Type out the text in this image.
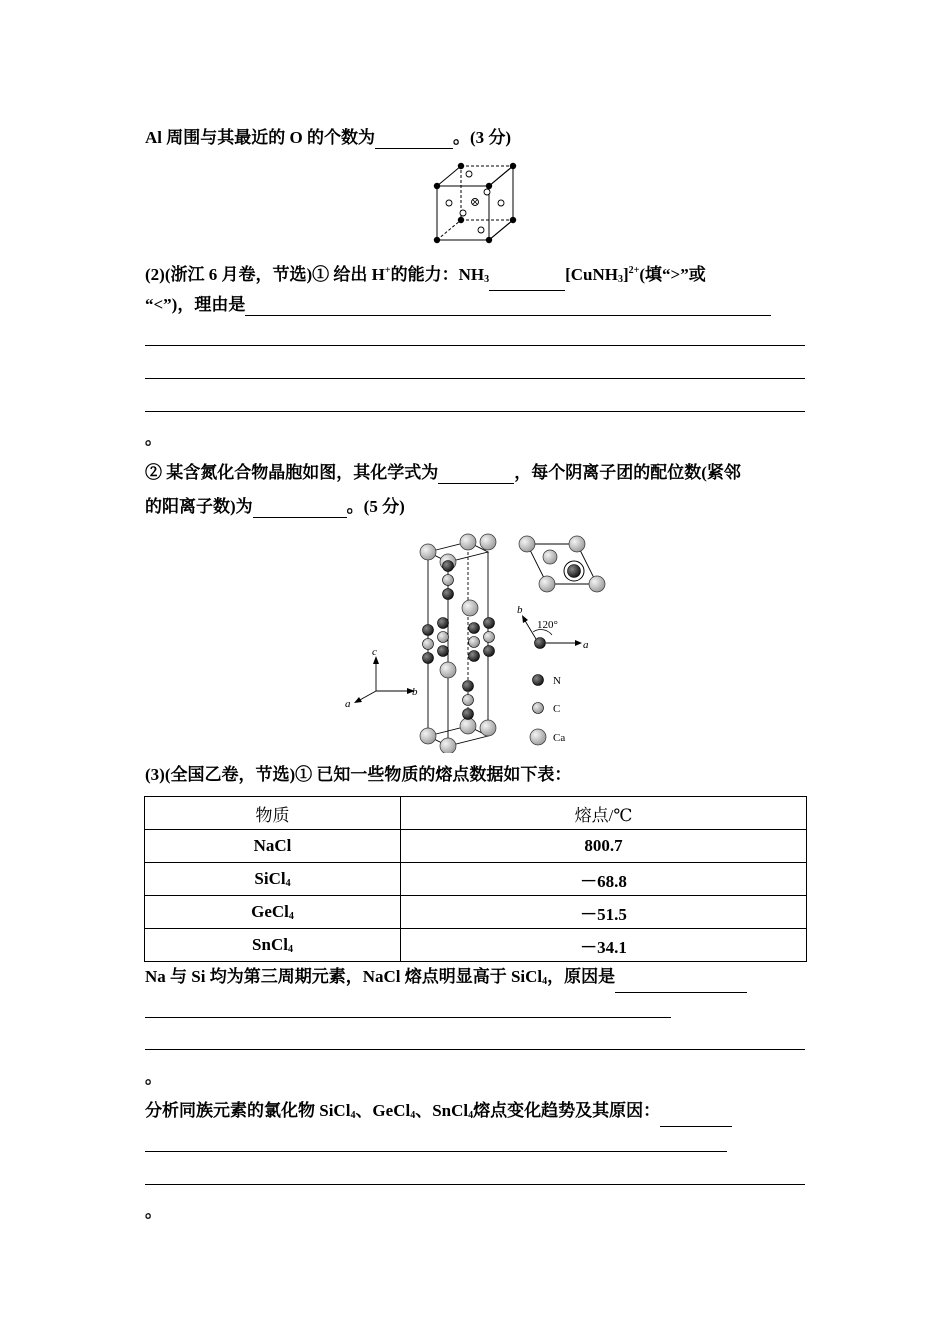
Al 周围与其最近的 O 的个数为	。(3 分)
(2)(浙江 6 月卷，节选)① 给出 H+的能力：$NH_3$	[CuNH$_3$]$^{2+}$(填“>”或
“<”)，理由是
。
② 某含氮化合物晶胞如图，其化学式为	，每个阴离子团的配位数(紧邻
的阳离子数)为	。(5 分)
c
a
b
b
120°
a
N
C
Ca
(3)(全国乙卷，节选)① 已知一些物质的熔点数据如下表：
物质	熔点/℃
NaCl	800.7
SiCl$_4$	－68.8
GeCl$_4$	－51.5
SnCl$_4$	－34.1
Na 与 Si 均为第三周期元素，NaCl 熔点明显高于 SiCl$_4$，原因是
。
分析同族元素的氯化物 SiCl$_4$、GeCl$_4$、SnCl$_4$熔点变化趋势及其原因：
。
